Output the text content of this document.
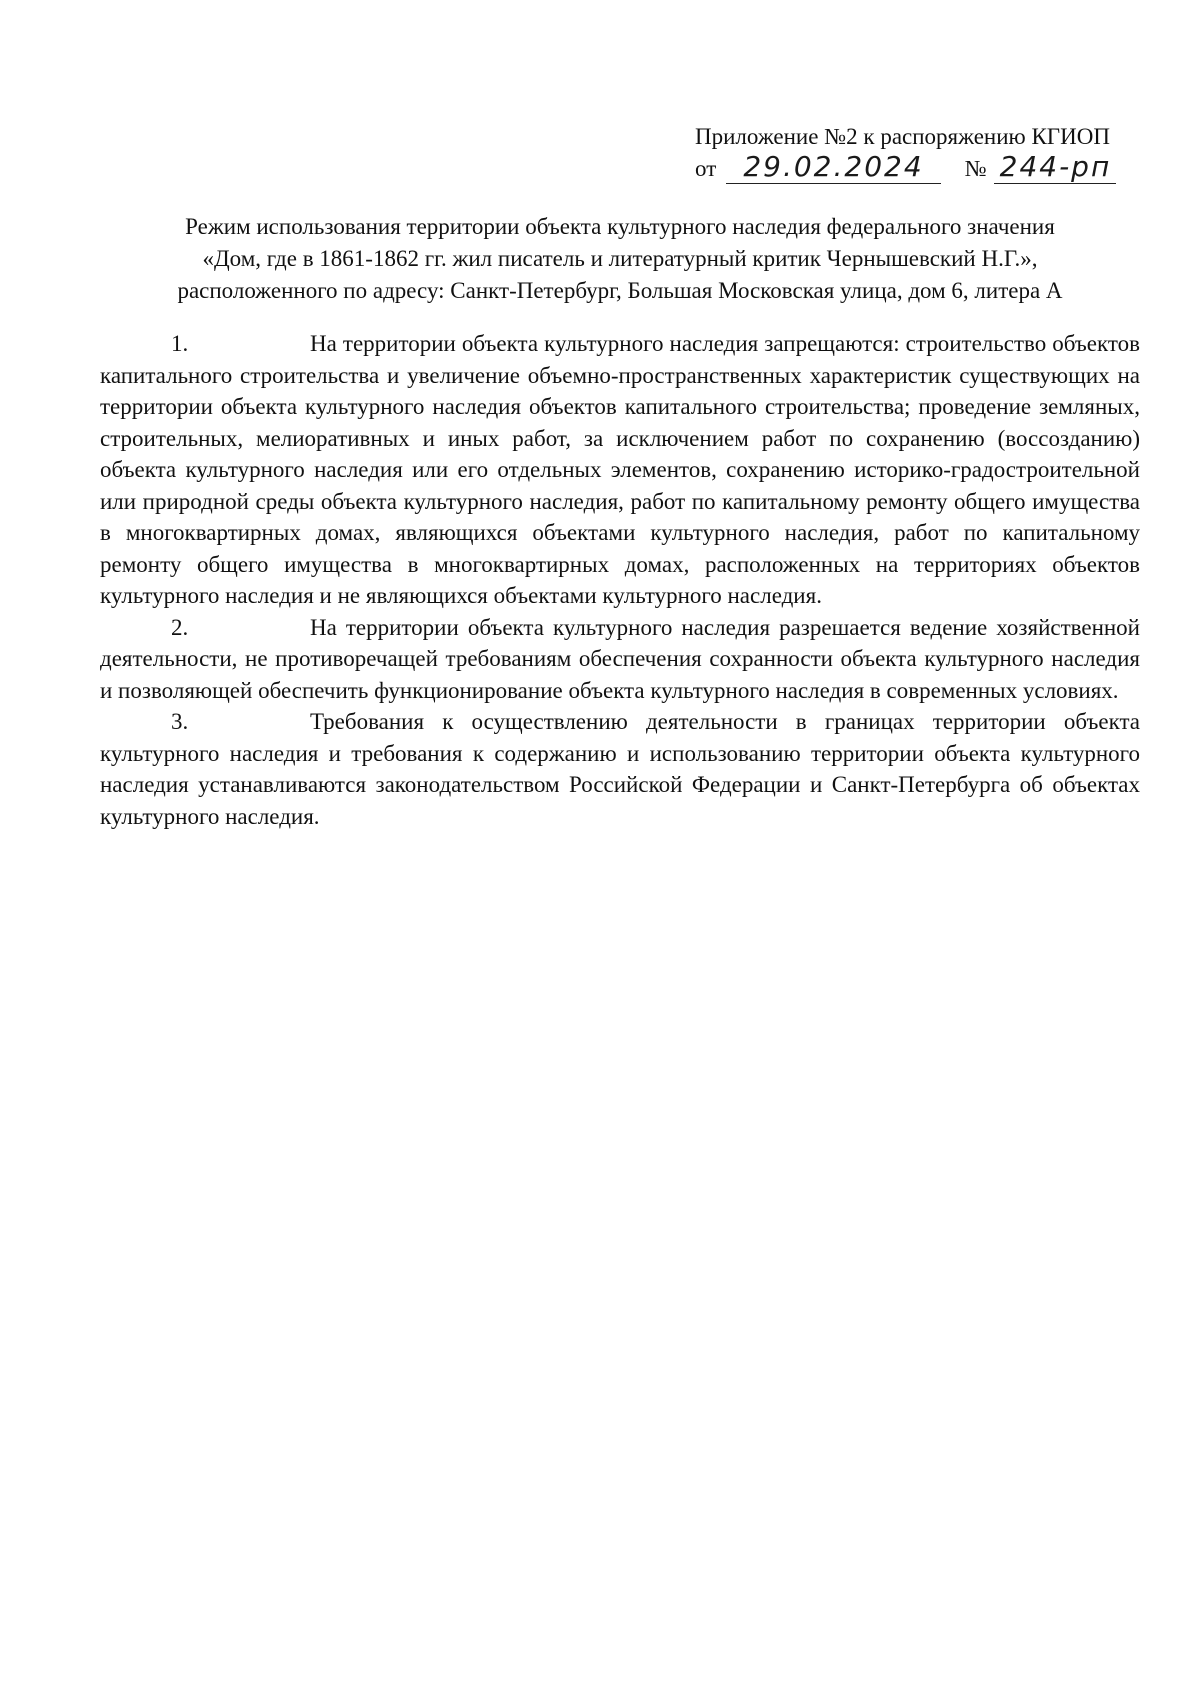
Приложение №2 к распоряжению КГИОП
от 29.02.2024 № 244-рп
Режим использования территории объекта культурного наследия федерального значения
«Дом, где в 1861-1862 гг. жил писатель и литературный критик Чернышевский Н.Г.»,
расположенного по адресу: Санкт-Петербург, Большая Московская улица, дом 6, литера А

1.	На территории объекта культурного наследия запрещаются: строительство объектов капитального строительства и увеличение объемно-пространственных характеристик существующих на территории объекта культурного наследия объектов капитального строительства; проведение земляных, строительных, мелиоративных и иных работ, за исключением работ по сохранению (воссозданию) объекта культурного наследия или его отдельных элементов, сохранению историко-градостроительной или природной среды объекта культурного наследия, работ по капитальному ремонту общего имущества в многоквартирных домах, являющихся объектами культурного наследия, работ по капитальному ремонту общего имущества в многоквартирных домах, расположенных на территориях объектов культурного наследия и не являющихся объектами культурного наследия.

2.	На территории объекта культурного наследия разрешается ведение хозяйственной деятельности, не противоречащей требованиям обеспечения сохранности объекта культурного наследия и позволяющей обеспечить функционирование объекта культурного наследия в современных условиях.

3.	Требования к осуществлению деятельности в границах территории объекта культурного наследия и требования к содержанию и использованию территории объекта культурного наследия устанавливаются законодательством Российской Федерации и Санкт-Петербурга об объектах культурного наследия.
